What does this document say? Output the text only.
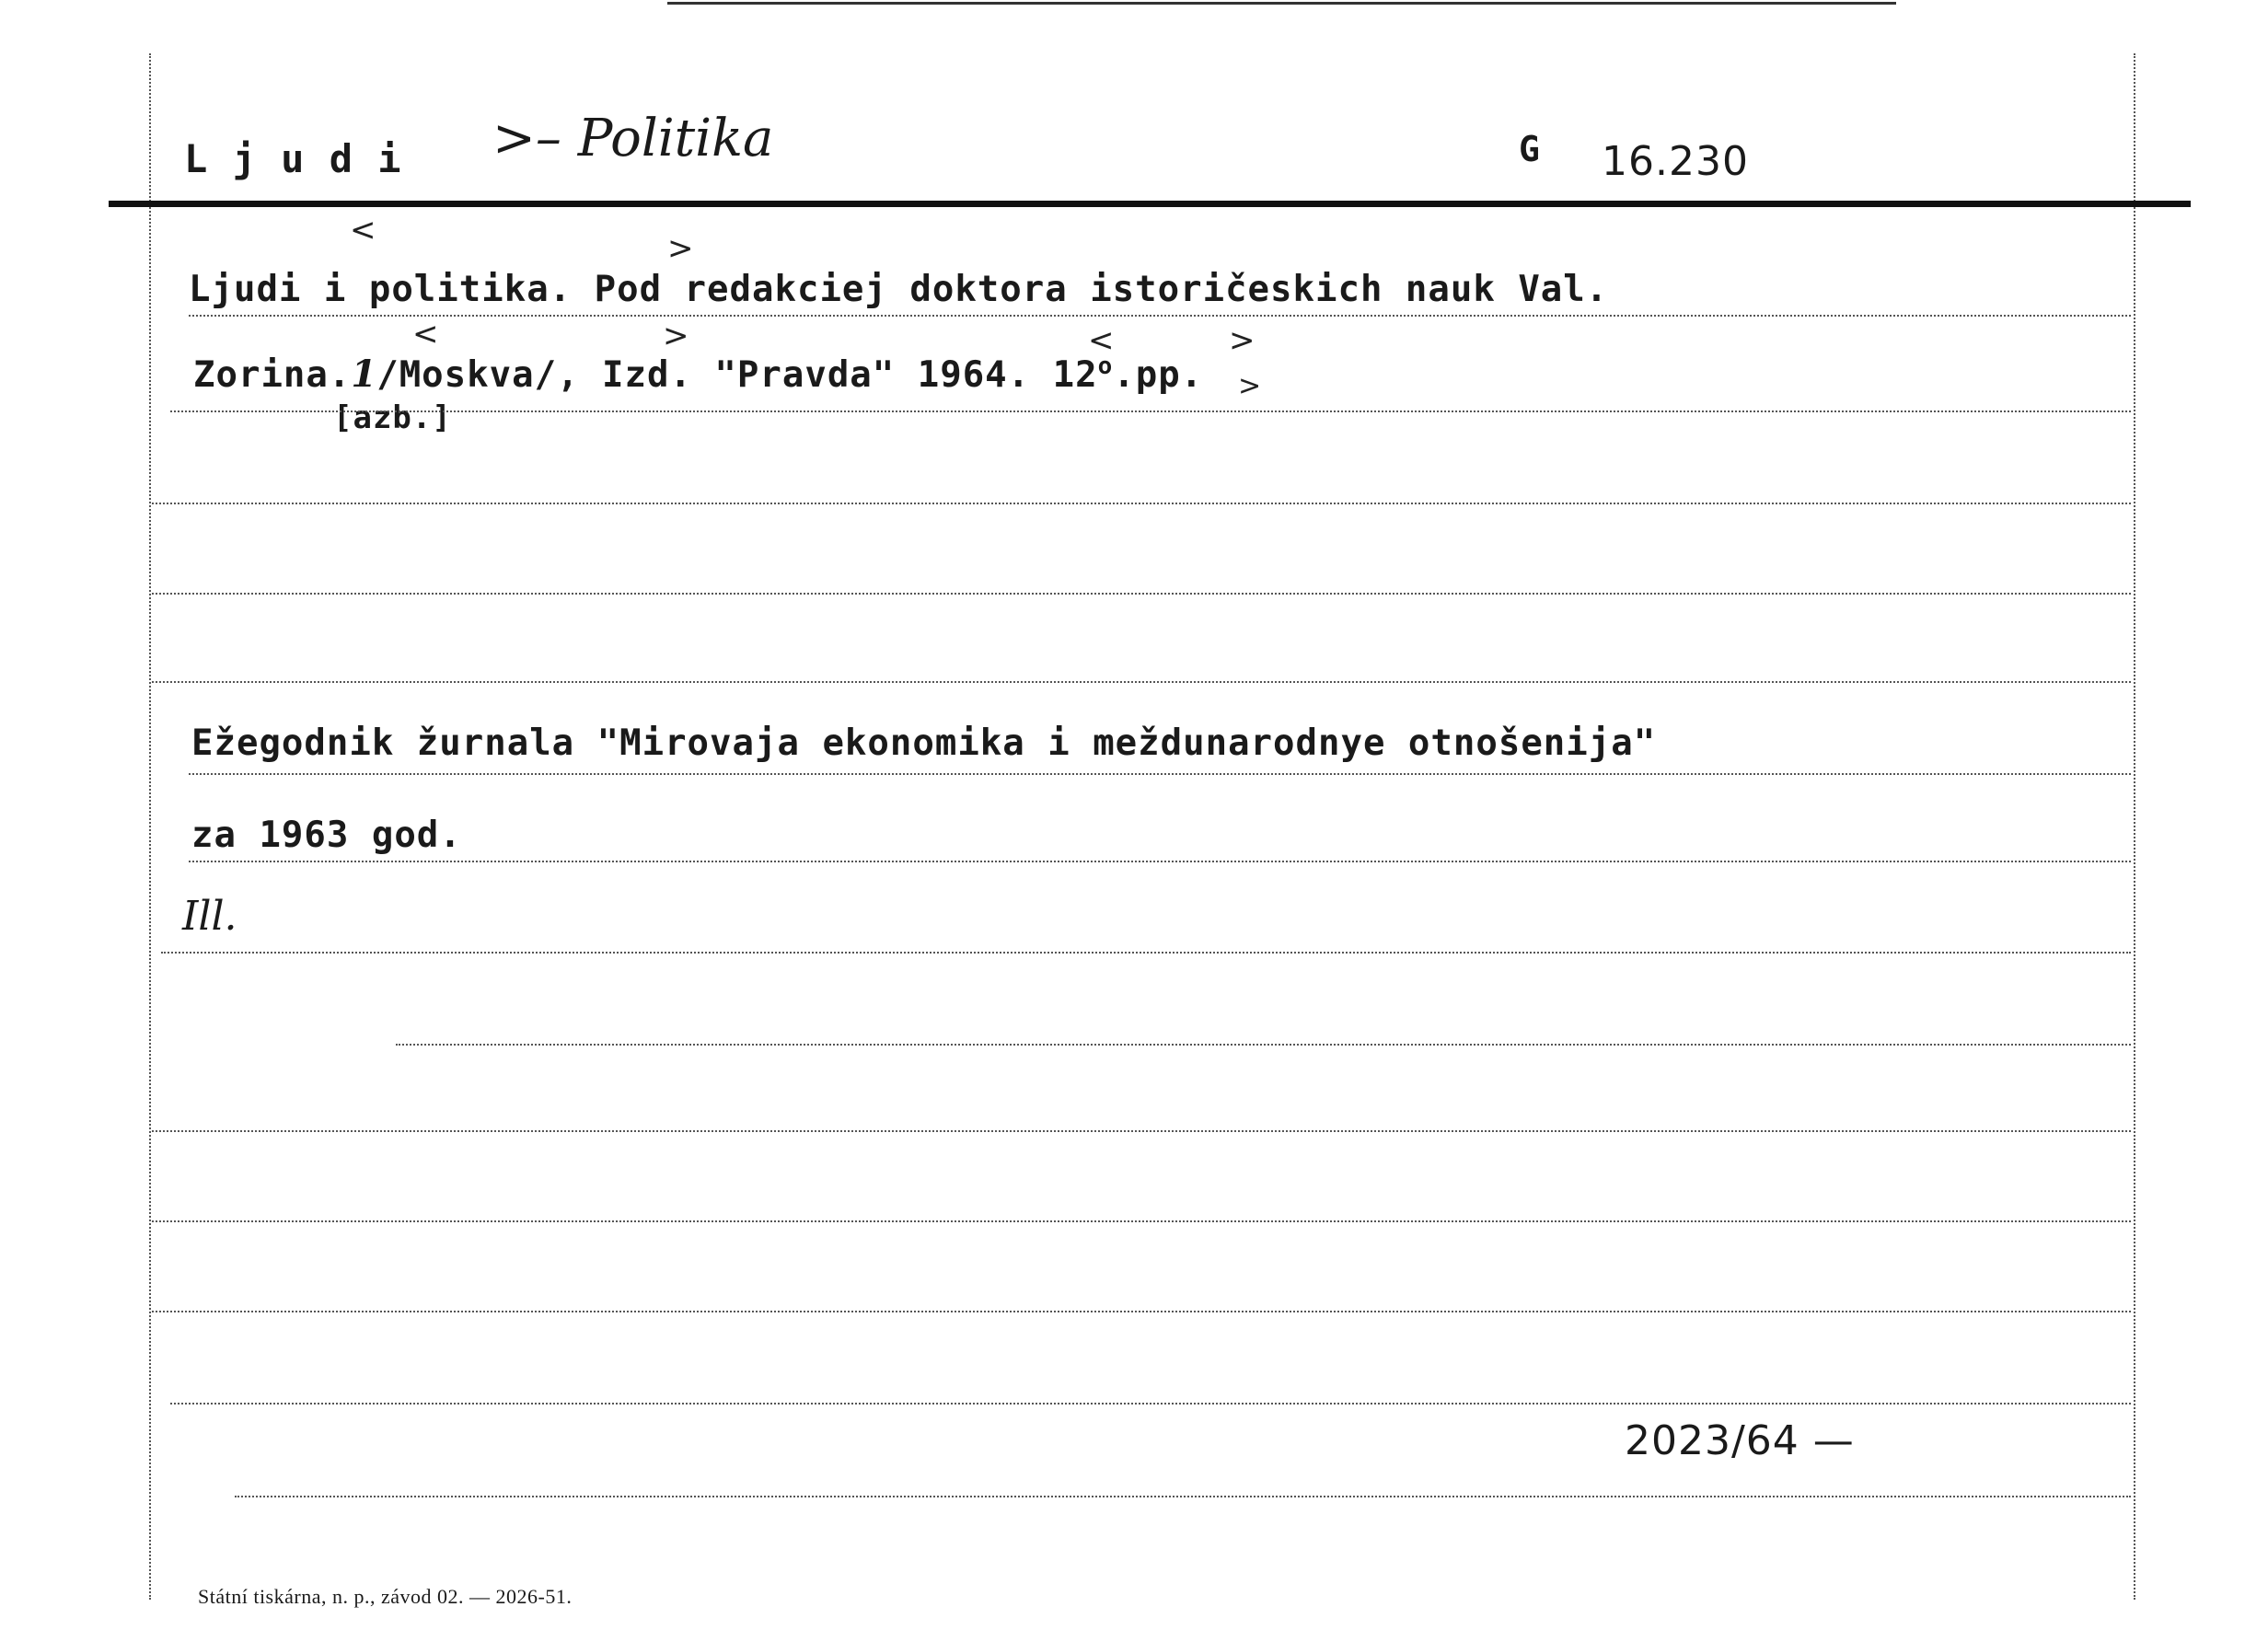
L j u d i >– Politika	G 16.230
<	>
<	>	<	>
>
Ljudi i politika. Pod redakciej doktora istoričeskich nauk Val.
Zorina.1/Moskva/, Izd. "Pravda" 1964. 12$^o$.pp.
[azb.]
Ežegodnik žurnala "Mirovaja ekonomika i meždunarodnye otnošenija"
za 1963 god.
Ill.
2023/64 —
Státní tiskárna, n. p., závod 02. — 2026-51.
